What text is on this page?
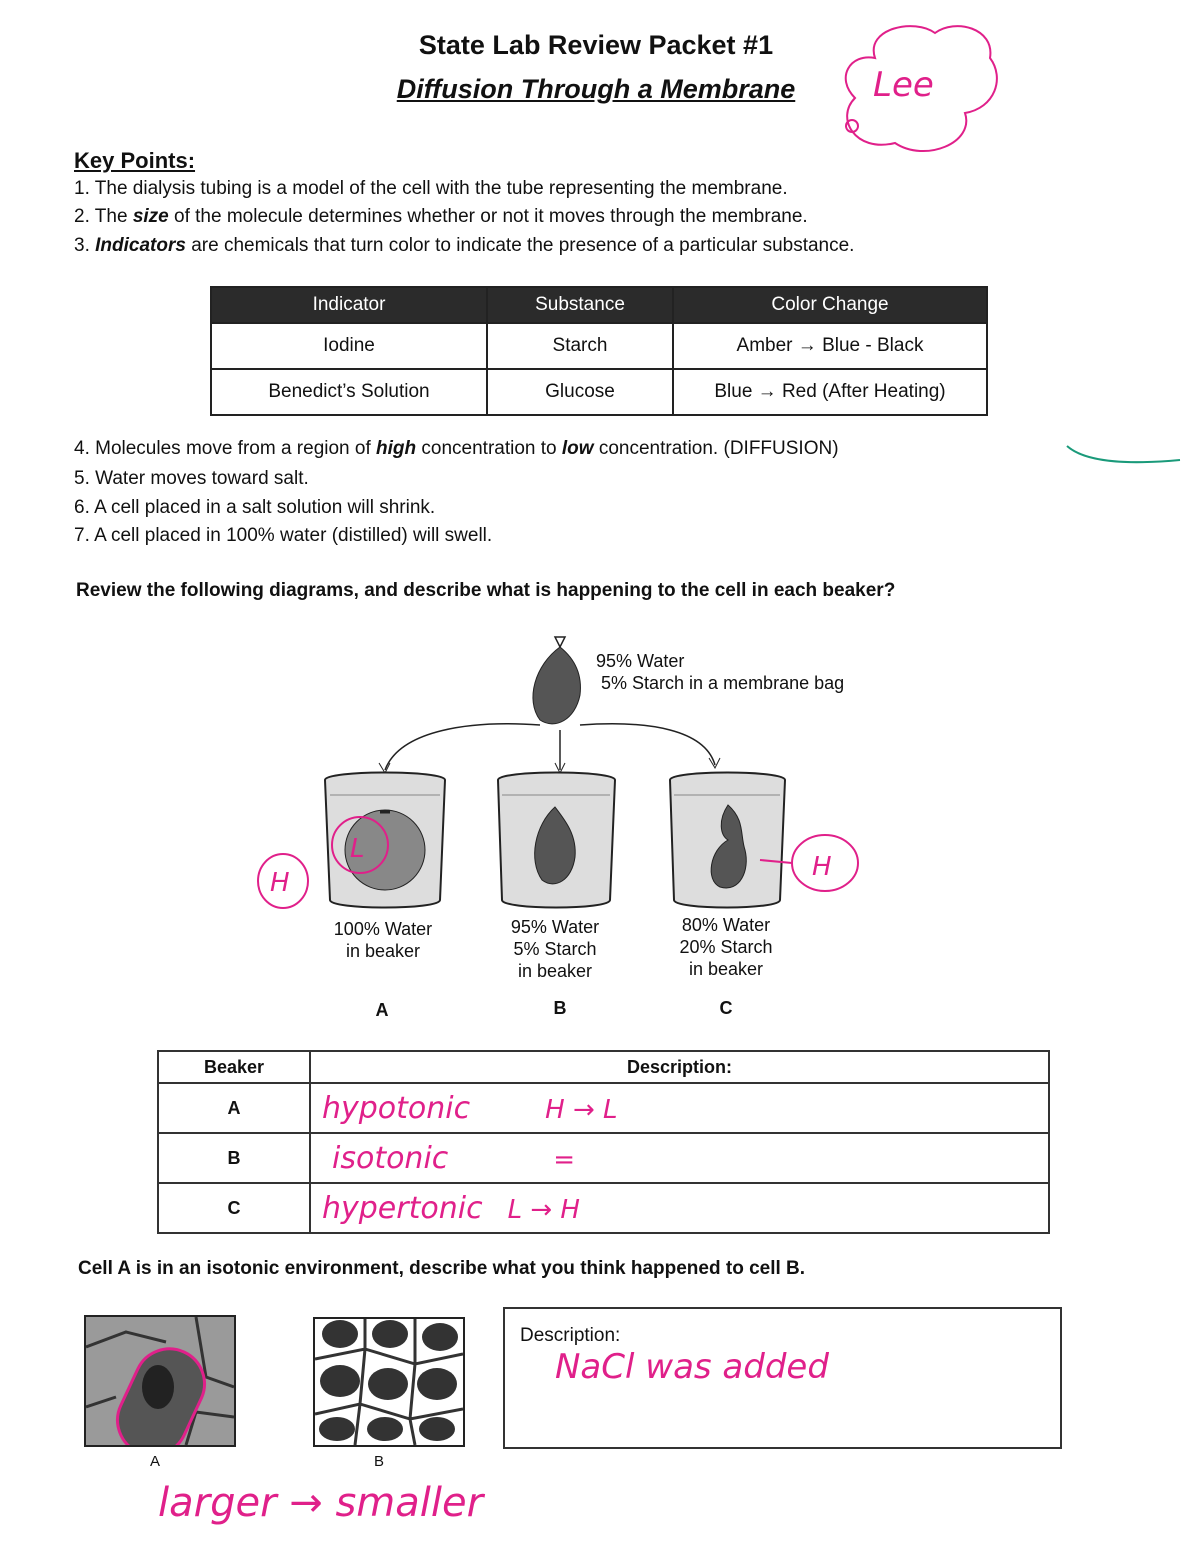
State Lab Review Packet #1
Diffusion Through a Membrane	Lee
Key Points:
1. The dialysis tubing is a model of the cell with the tube representing the membrane.
2. The size of the molecule determines whether or not it moves through the membrane.
3. Indicators are chemicals that turn color to indicate the presence of a particular substance.
Indicator	Substance	Color Change
Iodine	Starch	Amber → Blue - Black
Benedict’s Solution	Glucose	Blue → Red (After Heating)
4. Molecules move from a region of high concentration to low concentration. (DIFFUSION)
5. Water moves toward salt.
6. A cell placed in a salt solution will shrink.
7. A cell placed in 100% water (distilled) will swell.
Review the following diagrams, and describe what is happening to the cell in each beaker?
L
H
H
95% Water
5% Starch in a membrane bag
100% Water
in beaker
95% Water
5% Starch
in beaker
80% Water
20% Starch
in beaker
A	B	C
Beaker	Description:
A	hypotonic H → L
B	isotonic =
C	hypertonic L → H
Cell A is in an isotonic environment, describe what you think happened to cell B.
A	B
Description:
NaCl was added
larger → smaller
